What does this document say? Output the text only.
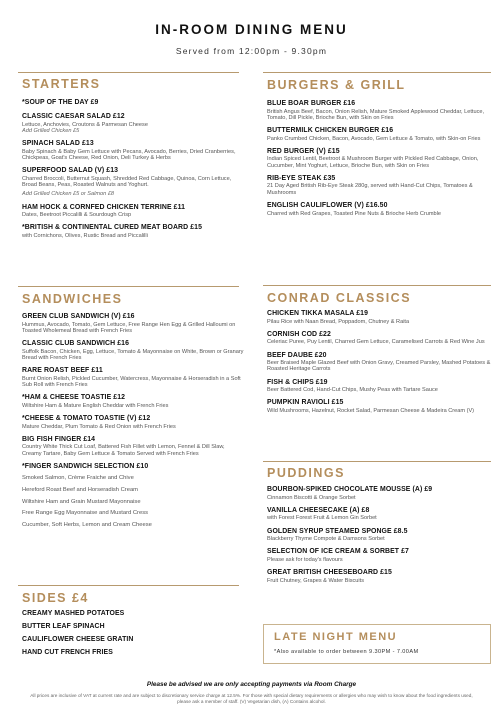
IN-ROOM DINING MENU
Served from 12:00pm - 9.30pm
STARTERS
*SOUP OF THE DAY £9
CLASSIC CAESAR SALAD £12
Lettuce, Anchovies, Croutons & Parmesan Cheese
Add Grilled Chicken £5
SPINACH SALAD £13
Baby Spinach & Baby Gem Lettuce with Pecans, Avocado, Berries, Dried Cranberries, Chickpeas, Goat's Cheese, Red Onion, Deli Turkey & Herbs
SUPERFOOD SALAD (V) £13
Charred Broccoli, Butternut Squash, Shredded Red Cabbage, Quinoa, Corn Lettuce, Broad Beans, Peas, Roasted Walnuts and Yoghurt.
Add Grilled Chicken £5 or Salmon £8
HAM HOCK & CORNFED CHICKEN TERRINE £11
Dates, Beetroot Piccalilli & Sourdough Crisp
*BRITISH & CONTINENTAL CURED MEAT BOARD £15
with Cornichons, Olives, Rustic Bread and Piccalilli
SANDWICHES
GREEN CLUB SANDWICH (V) £16
Hummus, Avocado, Tomato, Gem Lettuce, Free Range Hen Egg & Grilled Halloumi on Toasted Wholemeal Bread with French Fries
CLASSIC CLUB SANDWICH £16
Suffolk Bacon, Chicken, Egg, Lettuce, Tomato & Mayonnaise on White, Brown or Granary Bread with French Fries
RARE ROAST BEEF £11
Burnt Onion Relish, Pickled Cucumber, Watercress, Mayonnaise & Horseradish in a Soft Sub Roll with French Fries
*HAM & CHEESE TOASTIE £12
Wiltshire Ham & Mature English Cheddar with French Fries
*CHEESE & TOMATO TOASTIE (V) £12
Mature Cheddar, Plum Tomato & Red Onion with French Fries
BIG FISH FINGER £14
Country White Thick Cut Loaf, Battered Fish Fillet with Lemon, Fennel & Dill Slaw, Creamy Tartare, Baby Gem Lettuce & Tomato Served with French Fries
*FINGER SANDWICH SELECTION £10
Smoked Salmon, Crème Fraiche and Chive
Hereford Roast Beef and Horseradish Cream
Wiltshire Ham and Grain Mustard Mayonnaise
Free Range Egg Mayonnaise and Mustard Cress
Cucumber, Soft Herbs, Lemon and Cream Cheese
SIDES £4
CREAMY MASHED POTATOES
BUTTER LEAF SPINACH
CAULIFLOWER CHEESE GRATIN
HAND CUT FRENCH FRIES
BURGERS & GRILL
BLUE BOAR BURGER £16
British Angus Beef, Bacon, Onion Relish, Mature Smoked Applewood Cheddar, Lettuce, Tomato, Dill Pickle, Brioche Bun, with Skin on Fries
BUTTERMILK CHICKEN BURGER £16
Panko Crumbed Chicken, Bacon, Avocado, Gem Lettuce & Tomato, with Skin-on Fries
RED BURGER (V) £15
Indian Spiced Lentil, Beetroot & Mushroom Burger with Pickled Red Cabbage, Onion, Cucumber, Mint Yoghurt, Lettuce, Brioche Bun, with Skin on Fries
RIB-EYE STEAK £35
21 Day Aged British Rib-Eye Steak 280g, served with Hand-Cut Chips, Tomatoes & Mushrooms
ENGLISH CAULIFLOWER (V) £16.50
Charred with Red Grapes, Toasted Pine Nuts & Brioche Herb Crumble
CONRAD CLASSICS
CHICKEN TIKKA MASALA £19
Pilau Rice with Naan Bread, Poppadom, Chutney & Raita
CORNISH COD £22
Celeriac Puree, Puy Lentil, Charred Gem Lettuce, Caramelised Carrots & Red Wine Jus
BEEF DAUBE £20
Beer Braised Maple Glazed Beef with Onion Gravy, Creamed Parsley, Mashed Potatoes & Roasted Heritage Carrots
FISH & CHIPS £19
Beer Battered Cod, Hand-Cut Chips, Mushy Peas with Tartare Sauce
PUMPKIN RAVIOLI £15
Wild Mushrooms, Hazelnut, Rocket Salad, Parmesan Cheese & Madeira Cream (V)
PUDDINGS
BOURBON-SPIKED CHOCOLATE MOUSSE (A) £9
Cinnamon Biscotti & Orange Sorbet
VANILLA CHEESECAKE (A) £8
with Forest Forest Fruit & Lemon Gin Sorbet
GOLDEN SYRUP STEAMED SPONGE £8.5
Blackberry Thyme Compote & Damsons Sorbet
SELECTION OF ICE CREAM & SORBET £7
Please ask for today's flavours
GREAT BRITISH CHEESEBOARD £15
Fruit Chutney, Grapes & Water Biscuits
LATE NIGHT MENU
*Also available to order between 9.30PM - 7.00AM
Please be advised we are only accepting payments via Room Charge
All prices are inclusive of VAT at current rate and are subject to discretionary service charge at 12.5%. For those with special dietary requirements or allergies who may wish to know about the food ingredients used, please ask a member of staff. (V) Vegetarian dish, (A) Contains alcohol.
